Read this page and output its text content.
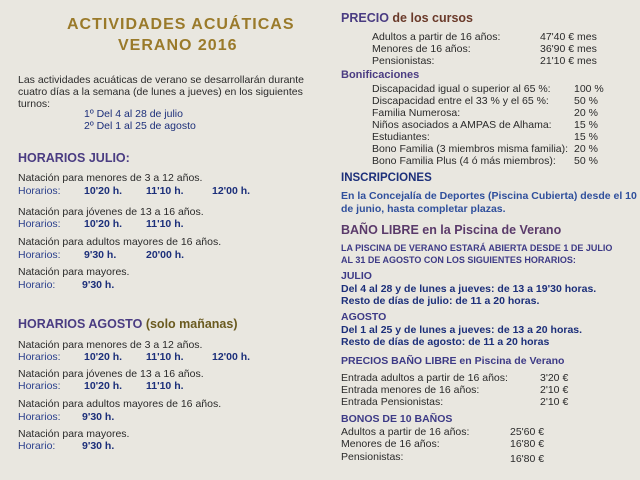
ACTIVIDADES ACUÁTICAS
VERANO 2016
Las actividades acuáticas de verano se desarrollarán durante
cuatro días a la semana (de lunes a jueves) en los siguientes
turnos:
1º Del 4 al 28 de julio
2º Del 1 al 25 de agosto
HORARIOS JULIO:
Natación para menores de 3 a 12 años.
Horarios: 10'20 h. 11'10 h.	12'00 h.
Natación para jóvenes de 13 a 16 años.
Horarios: 10'20 h. 11'10 h.
Natación para adultos mayores de 16 años.
Horarios: 9'30 h.	20'00 h.
Natación para mayores.
Horario:	9'30 h.
HORARIOS AGOSTO (solo mañanas)
Natación para menores de 3 a 12 años.
Horarios: 10'20 h. 11'10 h.	12'00 h.
Natación para jóvenes de 13 a 16 años.
Horarios: 10'20 h. 11'10 h.
Natación para adultos mayores de 16 años.
Horarios: 9'30 h.
Natación para mayores.
Horario:	9'30 h.
PRECIO de los cursos
Adultos a partir de 16 años:	47'40 € mes
Menores de 16 años:	36'90 € mes
Pensionistas:	21'10 € mes
Bonificaciones
Discapacidad igual o superior al 65 %: 100 %
Discapacidad entre el 33 % y el 65 %: 50 %
Familia Numerosa:	20 %
Niños asociados a AMPAS de Alhama: 15 %
Estudiantes:	15 %
Bono Familia (3 miembros misma familia): 20 %
Bono Familia Plus (4 ó más miembros): 50 %
INSCRIPCIONES
En la Concejalía de Deportes (Piscina Cubierta) desde el 10
de junio, hasta completar plazas.
BAÑO LIBRE en la Piscina de Verano
LA PISCINA DE VERANO ESTARÁ ABIERTA DESDE 1 DE JULIO
AL 31 DE AGOSTO CON LOS SIGUIENTES HORARIOS:
JULIO
Del 4 al 28 y de lunes a jueves: de 13 a 19'30 horas.
Resto de días de julio: de 11 a 20 horas.
AGOSTO
Del 1 al 25 y de lunes a jueves: de 13 a 20 horas.
Resto de días de agosto: de 11 a 20 horas
PRECIOS BAÑO LIBRE en Piscina de Verano
Entrada adultos a partir de 16 años:	3'20 €
Entrada menores de 16 años:	2'10 €
Entrada Pensionistas:	2'10 €
BONOS DE 10 BAÑOS
Adultos a partir de 16 años:	25'60 €
Menores de 16 años:	16'80 €
Pensionistas:	16'80 €
